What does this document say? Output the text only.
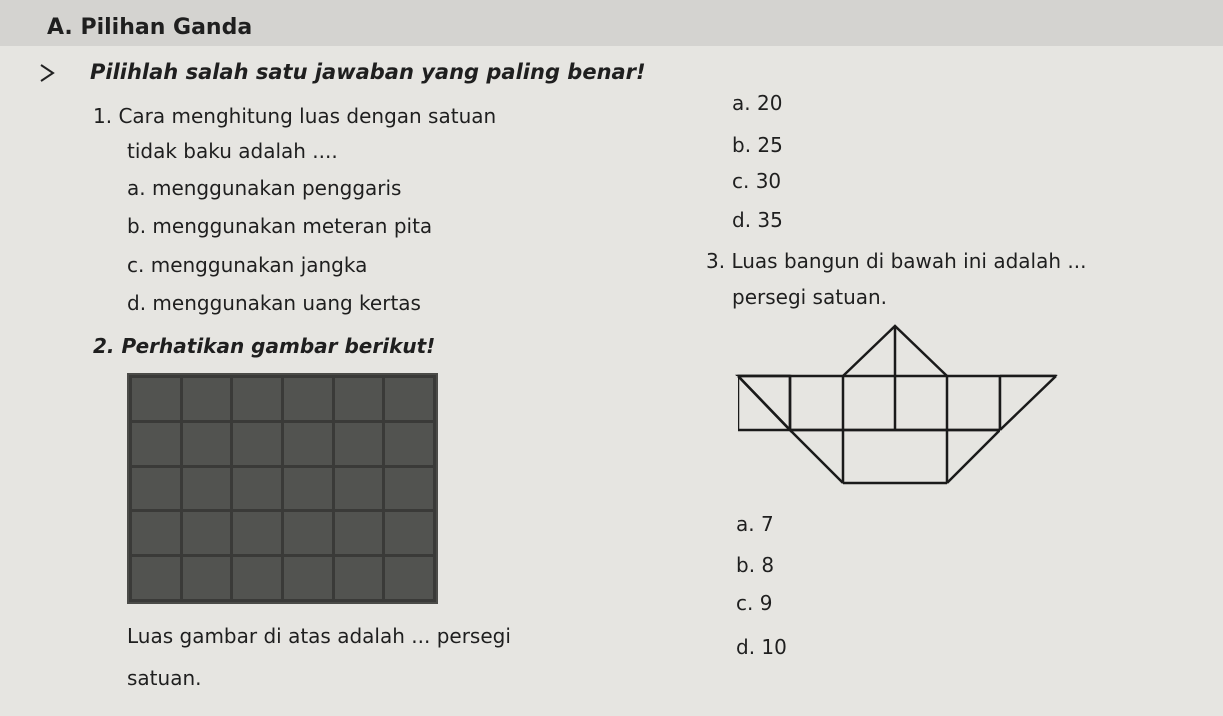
A. Pilihan Ganda
Pilihlah salah satu jawaban yang paling benar!
1. Cara menghitung luas dengan satuan
tidak baku adalah ....
a. menggunakan penggaris
b. menggunakan meteran pita
c. menggunakan jangka
d. menggunakan uang kertas
2. Perhatikan gambar berikut!
Luas gambar di atas adalah ... persegi
satuan.
a. 20
b. 25
c. 30
d. 35
3. Luas bangun di bawah ini adalah ...
persegi satuan.
a. 7
b. 8
c. 9
d. 10
